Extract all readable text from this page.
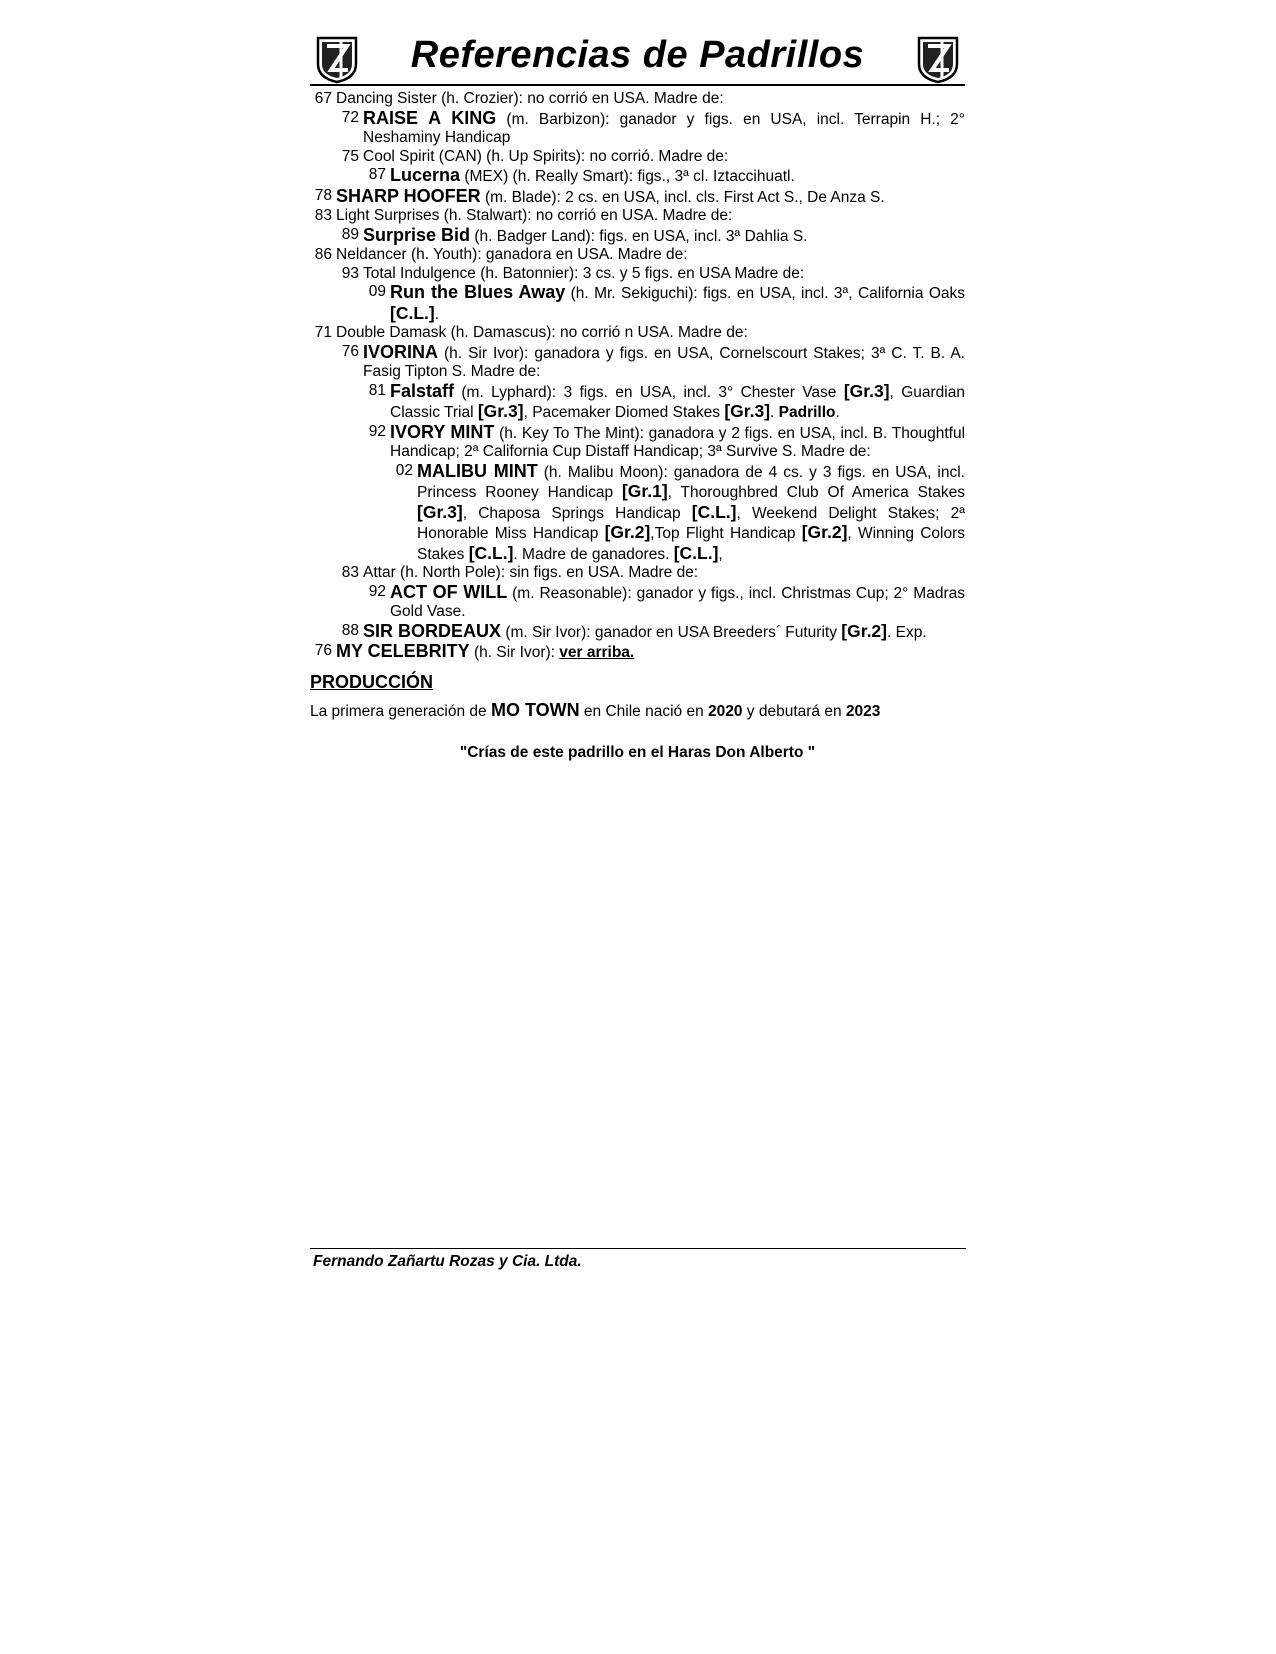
Referencias de Padrillos
67 Dancing Sister (h. Crozier): no corrió en USA. Madre de:
72 RAISE A KING (m. Barbizon): ganador y figs. en USA, incl. Terrapin H.; 2° Neshaminy Handicap
75 Cool Spirit (CAN) (h. Up Spirits): no corrió. Madre de:
87 Lucerna (MEX) (h. Really Smart): figs., 3ª cl. Iztaccihuatl.
78 SHARP HOOFER (m. Blade): 2 cs. en USA, incl. cls. First Act S., De Anza S.
83 Light Surprises (h. Stalwart): no corrió en USA. Madre de:
89 Surprise Bid (h. Badger Land): figs. en USA, incl. 3ª Dahlia S.
86 Neldancer (h. Youth): ganadora en USA. Madre de:
93 Total Indulgence (h. Batonnier): 3 cs. y 5 figs. en USA Madre de:
09 Run the Blues Away (h. Mr. Sekiguchi): figs. en USA, incl. 3ª, California Oaks [C.L.].
71 Double Damask (h. Damascus): no corrió n USA. Madre de:
76 IVORINA (h. Sir Ivor): ganadora y figs. en USA, Cornelscourt Stakes; 3ª C. T. B. A. Fasig Tipton S. Madre de:
81 Falstaff (m. Lyphard): 3 figs. en USA, incl. 3° Chester Vase [Gr.3], Guardian Classic Trial [Gr.3], Pacemaker Diomed Stakes [Gr.3]. Padrillo.
92 IVORY MINT (h. Key To The Mint): ganadora y 2 figs. en USA, incl. B. Thoughtful Handicap; 2ª California Cup Distaff Handicap; 3ª Survive S. Madre de:
02 MALIBU MINT (h. Malibu Moon): ganadora de 4 cs. y 3 figs. en USA, incl. Princess Rooney Handicap [Gr.1], Thoroughbred Club Of America Stakes [Gr.3], Chaposa Springs Handicap [C.L.], Weekend Delight Stakes; 2ª Honorable Miss Handicap [Gr.2],Top Flight Handicap [Gr.2], Winning Colors Stakes [C.L.]. Madre de ganadores. [C.L.],
83 Attar (h. North Pole): sin figs. en USA. Madre de:
92 ACT OF WILL (m. Reasonable): ganador y figs., incl. Christmas Cup; 2° Madras Gold Vase.
88 SIR BORDEAUX (m. Sir Ivor): ganador en USA Breeders´ Futurity [Gr.2]. Exp.
76 MY CELEBRITY (h. Sir Ivor): ver arriba.
PRODUCCIÓN
La primera generación de MO TOWN en Chile nació en 2020 y debutará en 2023
"Crías de este padrillo en el Haras Don Alberto "
Fernando Zañartu Rozas y Cia. Ltda.
